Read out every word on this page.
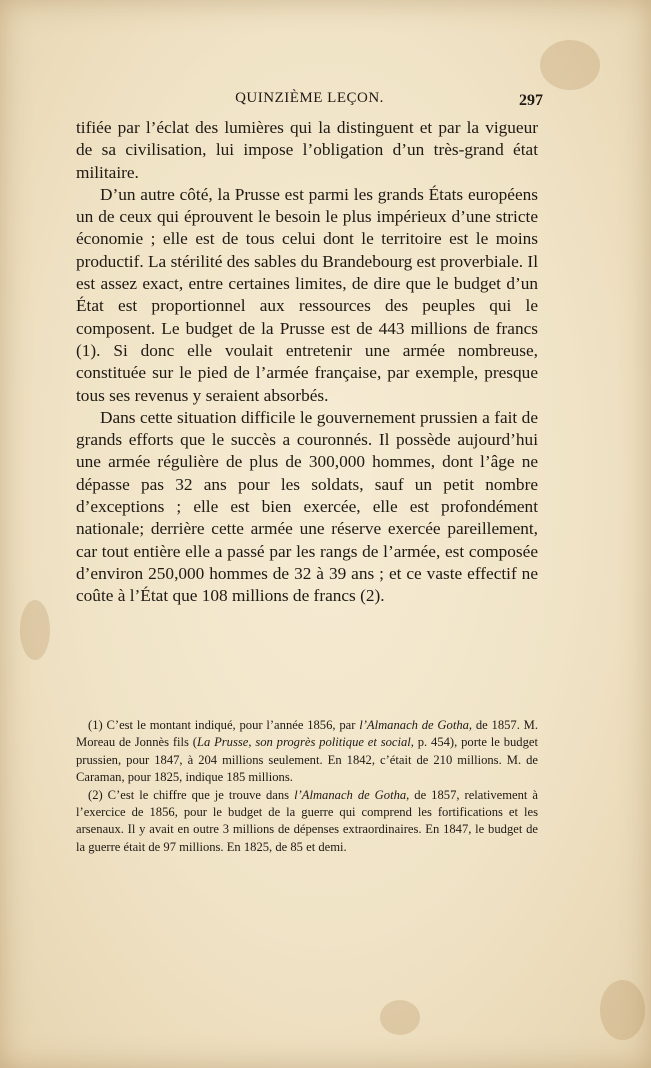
QUINZIÈME LEÇON.	297

tifiée par l’éclat des lumières qui la distinguent et par la vigueur de sa civilisation, lui impose l’obligation d’un très-grand état militaire.

D’un autre côté, la Prusse est parmi les grands États européens un de ceux qui éprouvent le besoin le plus impérieux d’une stricte économie ; elle est de tous celui dont le territoire est le moins productif. La stérilité des sables du Brandebourg est proverbiale. Il est assez exact, entre certaines limites, de dire que le budget d’un État est proportionnel aux ressources des peuples qui le composent. Le budget de la Prusse est de 443 millions de francs (1). Si donc elle voulait entretenir une armée nombreuse, constituée sur le pied de l’armée française, par exemple, presque tous ses revenus y seraient absorbés.

Dans cette situation difficile le gouvernement prussien a fait de grands efforts que le succès a couronnés. Il possède aujourd’hui une armée régulière de plus de 300,000 hommes, dont l’âge ne dépasse pas 32 ans pour les soldats, sauf un petit nombre d’exceptions ; elle est bien exercée, elle est profondément nationale; derrière cette armée une réserve exercée pareillement, car tout entière elle a passé par les rangs de l’armée, est composée d’environ 250,000 hommes de 32 à 39 ans ; et ce vaste effectif ne coûte à l’État que 108 millions de francs (2).

(1) C’est le montant indiqué, pour l’année 1856, par l’Almanach de Gotha, de 1857. M. Moreau de Jonnès fils (La Prusse, son progrès politique et social, p. 454), porte le budget prussien, pour 1847, à 204 millions seulement. En 1842, c’était de 210 millions. M. de Caraman, pour 1825, indique 185 millions.

(2) C’est le chiffre que je trouve dans l’Almanach de Gotha, de 1857, relativement à l’exercice de 1856, pour le budget de la guerre qui comprend les fortifications et les arsenaux. Il y avait en outre 3 millions de dépenses extraordinaires. En 1847, le budget de la guerre était de 97 millions. En 1825, de 85 et demi.
